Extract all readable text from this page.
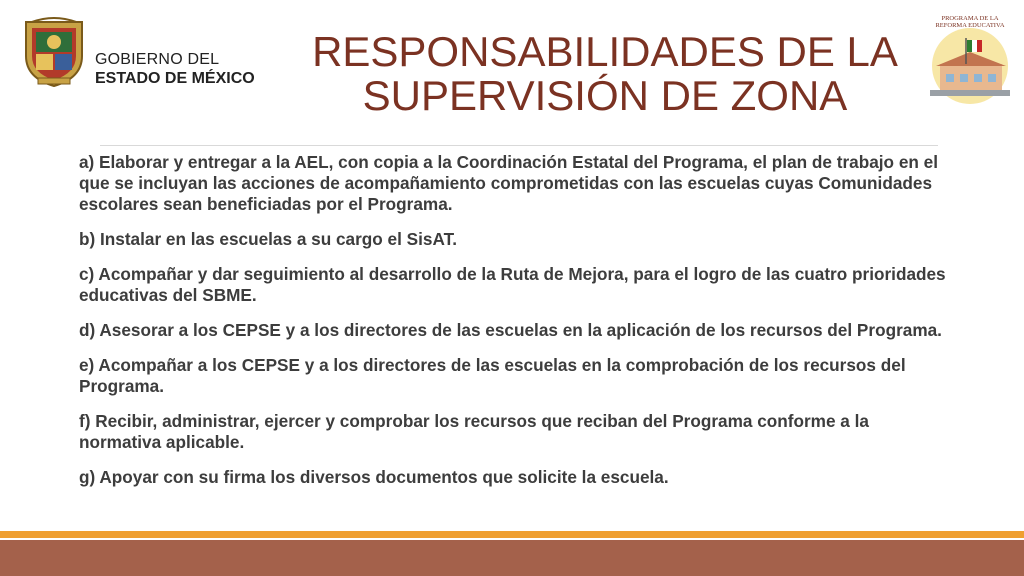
GOBIERNO DEL
ESTADO DE MÉXICO
RESPONSABILIDADES DE LA
SUPERVISIÓN DE ZONA
PROGRAMA DE LA
REFORMA EDUCATIVA

a) Elaborar y entregar a la AEL, con copia a la Coordinación Estatal del Programa, el plan de trabajo en el que se incluyan las acciones de acompañamiento comprometidas con las escuelas cuyas Comunidades escolares sean beneficiadas por el Programa.

b) Instalar en las escuelas a su cargo el SisAT.

c) Acompañar y dar seguimiento al desarrollo de la Ruta de Mejora, para el logro de las cuatro prioridades educativas del SBME.

d) Asesorar a los CEPSE y a los directores de las escuelas en la aplicación de los recursos del Programa.

e) Acompañar a los CEPSE y a los directores de las escuelas en la comprobación de los recursos del Programa.

f) Recibir, administrar, ejercer y comprobar los recursos que reciban del Programa conforme a la normativa aplicable.

g) Apoyar con su firma los diversos documentos que solicite la escuela.
